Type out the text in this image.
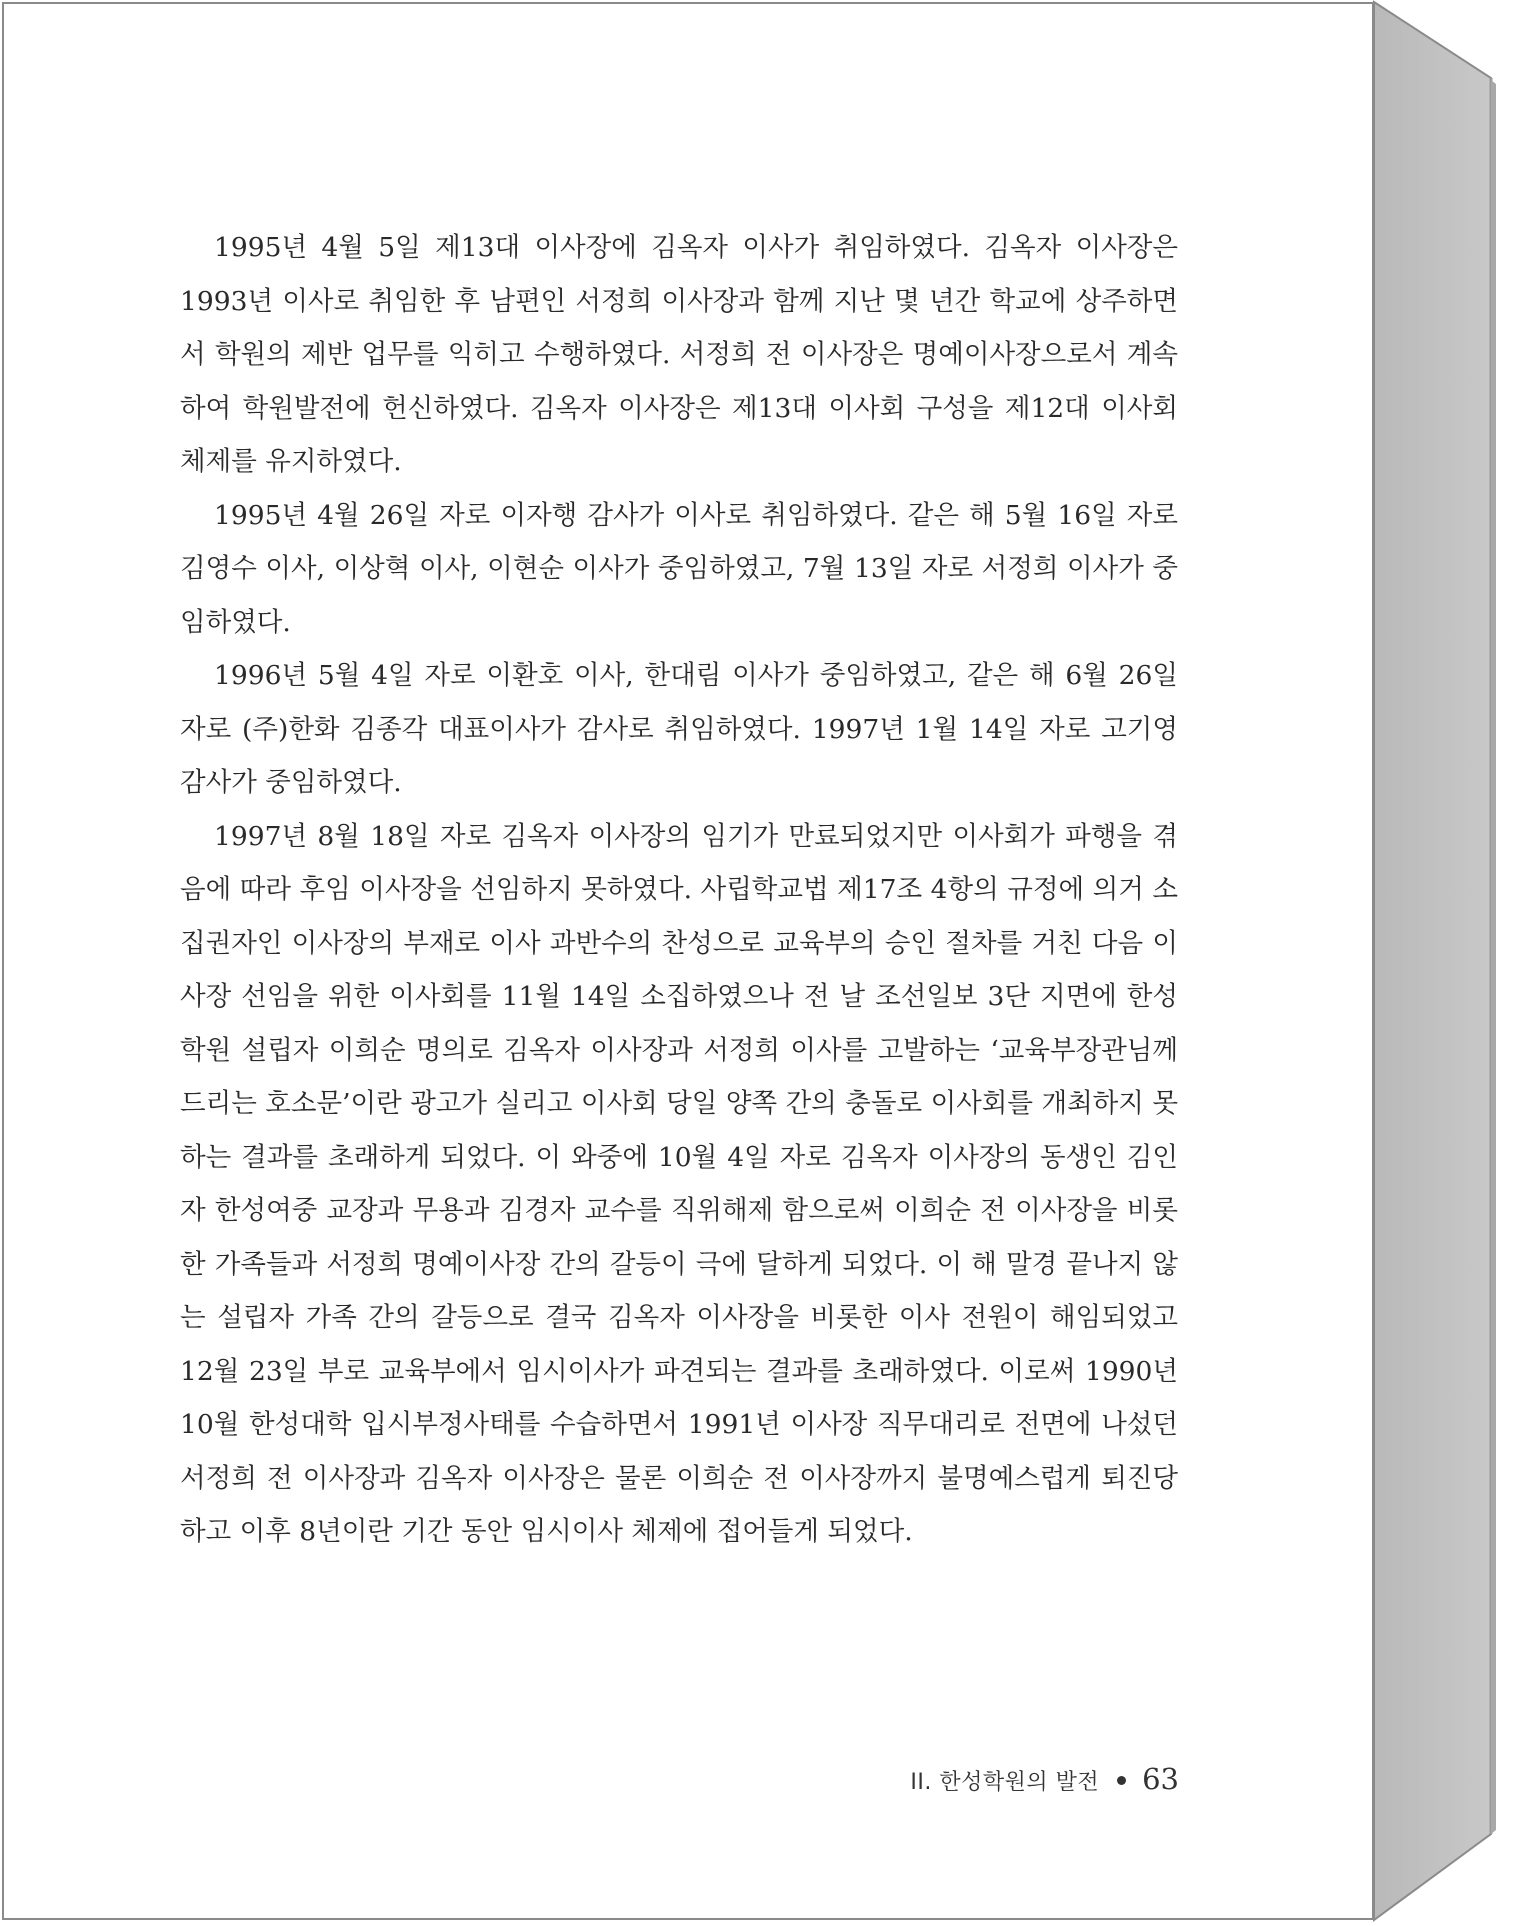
1995년 4월 5일 제13대 이사장에 김옥자 이사가 취임하였다. 김옥자 이사장은 1993년 이사로 취임한 후 남편인 서정희 이사장과 함께 지난 몇 년간 학교에 상주하면서 학원의 제반 업무를 익히고 수행하였다. 서정희 전 이사장은 명예이사장으로서 계속하여 학원발전에 헌신하였다. 김옥자 이사장은 제13대 이사회 구성을 제12대 이사회 체제를 유지하였다.

1995년 4월 26일 자로 이자행 감사가 이사로 취임하였다. 같은 해 5월 16일 자로 김영수 이사, 이상혁 이사, 이현순 이사가 중임하였고, 7월 13일 자로 서정희 이사가 중임하였다.

1996년 5월 4일 자로 이환호 이사, 한대림 이사가 중임하였고, 같은 해 6월 26일 자로 (주)한화 김종각 대표이사가 감사로 취임하였다. 1997년 1월 14일 자로 고기영 감사가 중임하였다.

1997년 8월 18일 자로 김옥자 이사장의 임기가 만료되었지만 이사회가 파행을 겪음에 따라 후임 이사장을 선임하지 못하였다. 사립학교법 제17조 4항의 규정에 의거 소집권자인 이사장의 부재로 이사 과반수의 찬성으로 교육부의 승인 절차를 거친 다음 이사장 선임을 위한 이사회를 11월 14일 소집하였으나 전 날 조선일보 3단 지면에 한성학원 설립자 이희순 명의로 김옥자 이사장과 서정희 이사를 고발하는 ‘교육부장관님께 드리는 호소문’이란 광고가 실리고 이사회 당일 양쪽 간의 충돌로 이사회를 개최하지 못하는 결과를 초래하게 되었다. 이 와중에 10월 4일 자로 김옥자 이사장의 동생인 김인자 한성여중 교장과 무용과 김경자 교수를 직위해제 함으로써 이희순 전 이사장을 비롯한 가족들과 서정희 명예이사장 간의 갈등이 극에 달하게 되었다. 이 해 말경 끝나지 않는 설립자 가족 간의 갈등으로 결국 김옥자 이사장을 비롯한 이사 전원이 해임되었고 12월 23일 부로 교육부에서 임시이사가 파견되는 결과를 초래하였다. 이로써 1990년 10월 한성대학 입시부정사태를 수습하면서 1991년 이사장 직무대리로 전면에 나섰던 서정희 전 이사장과 김옥자 이사장은 물론 이희순 전 이사장까지 불명예스럽게 퇴진당하고 이후 8년이란 기간 동안 임시이사 체제에 접어들게 되었다.

II. 한성학원의 발전 63
